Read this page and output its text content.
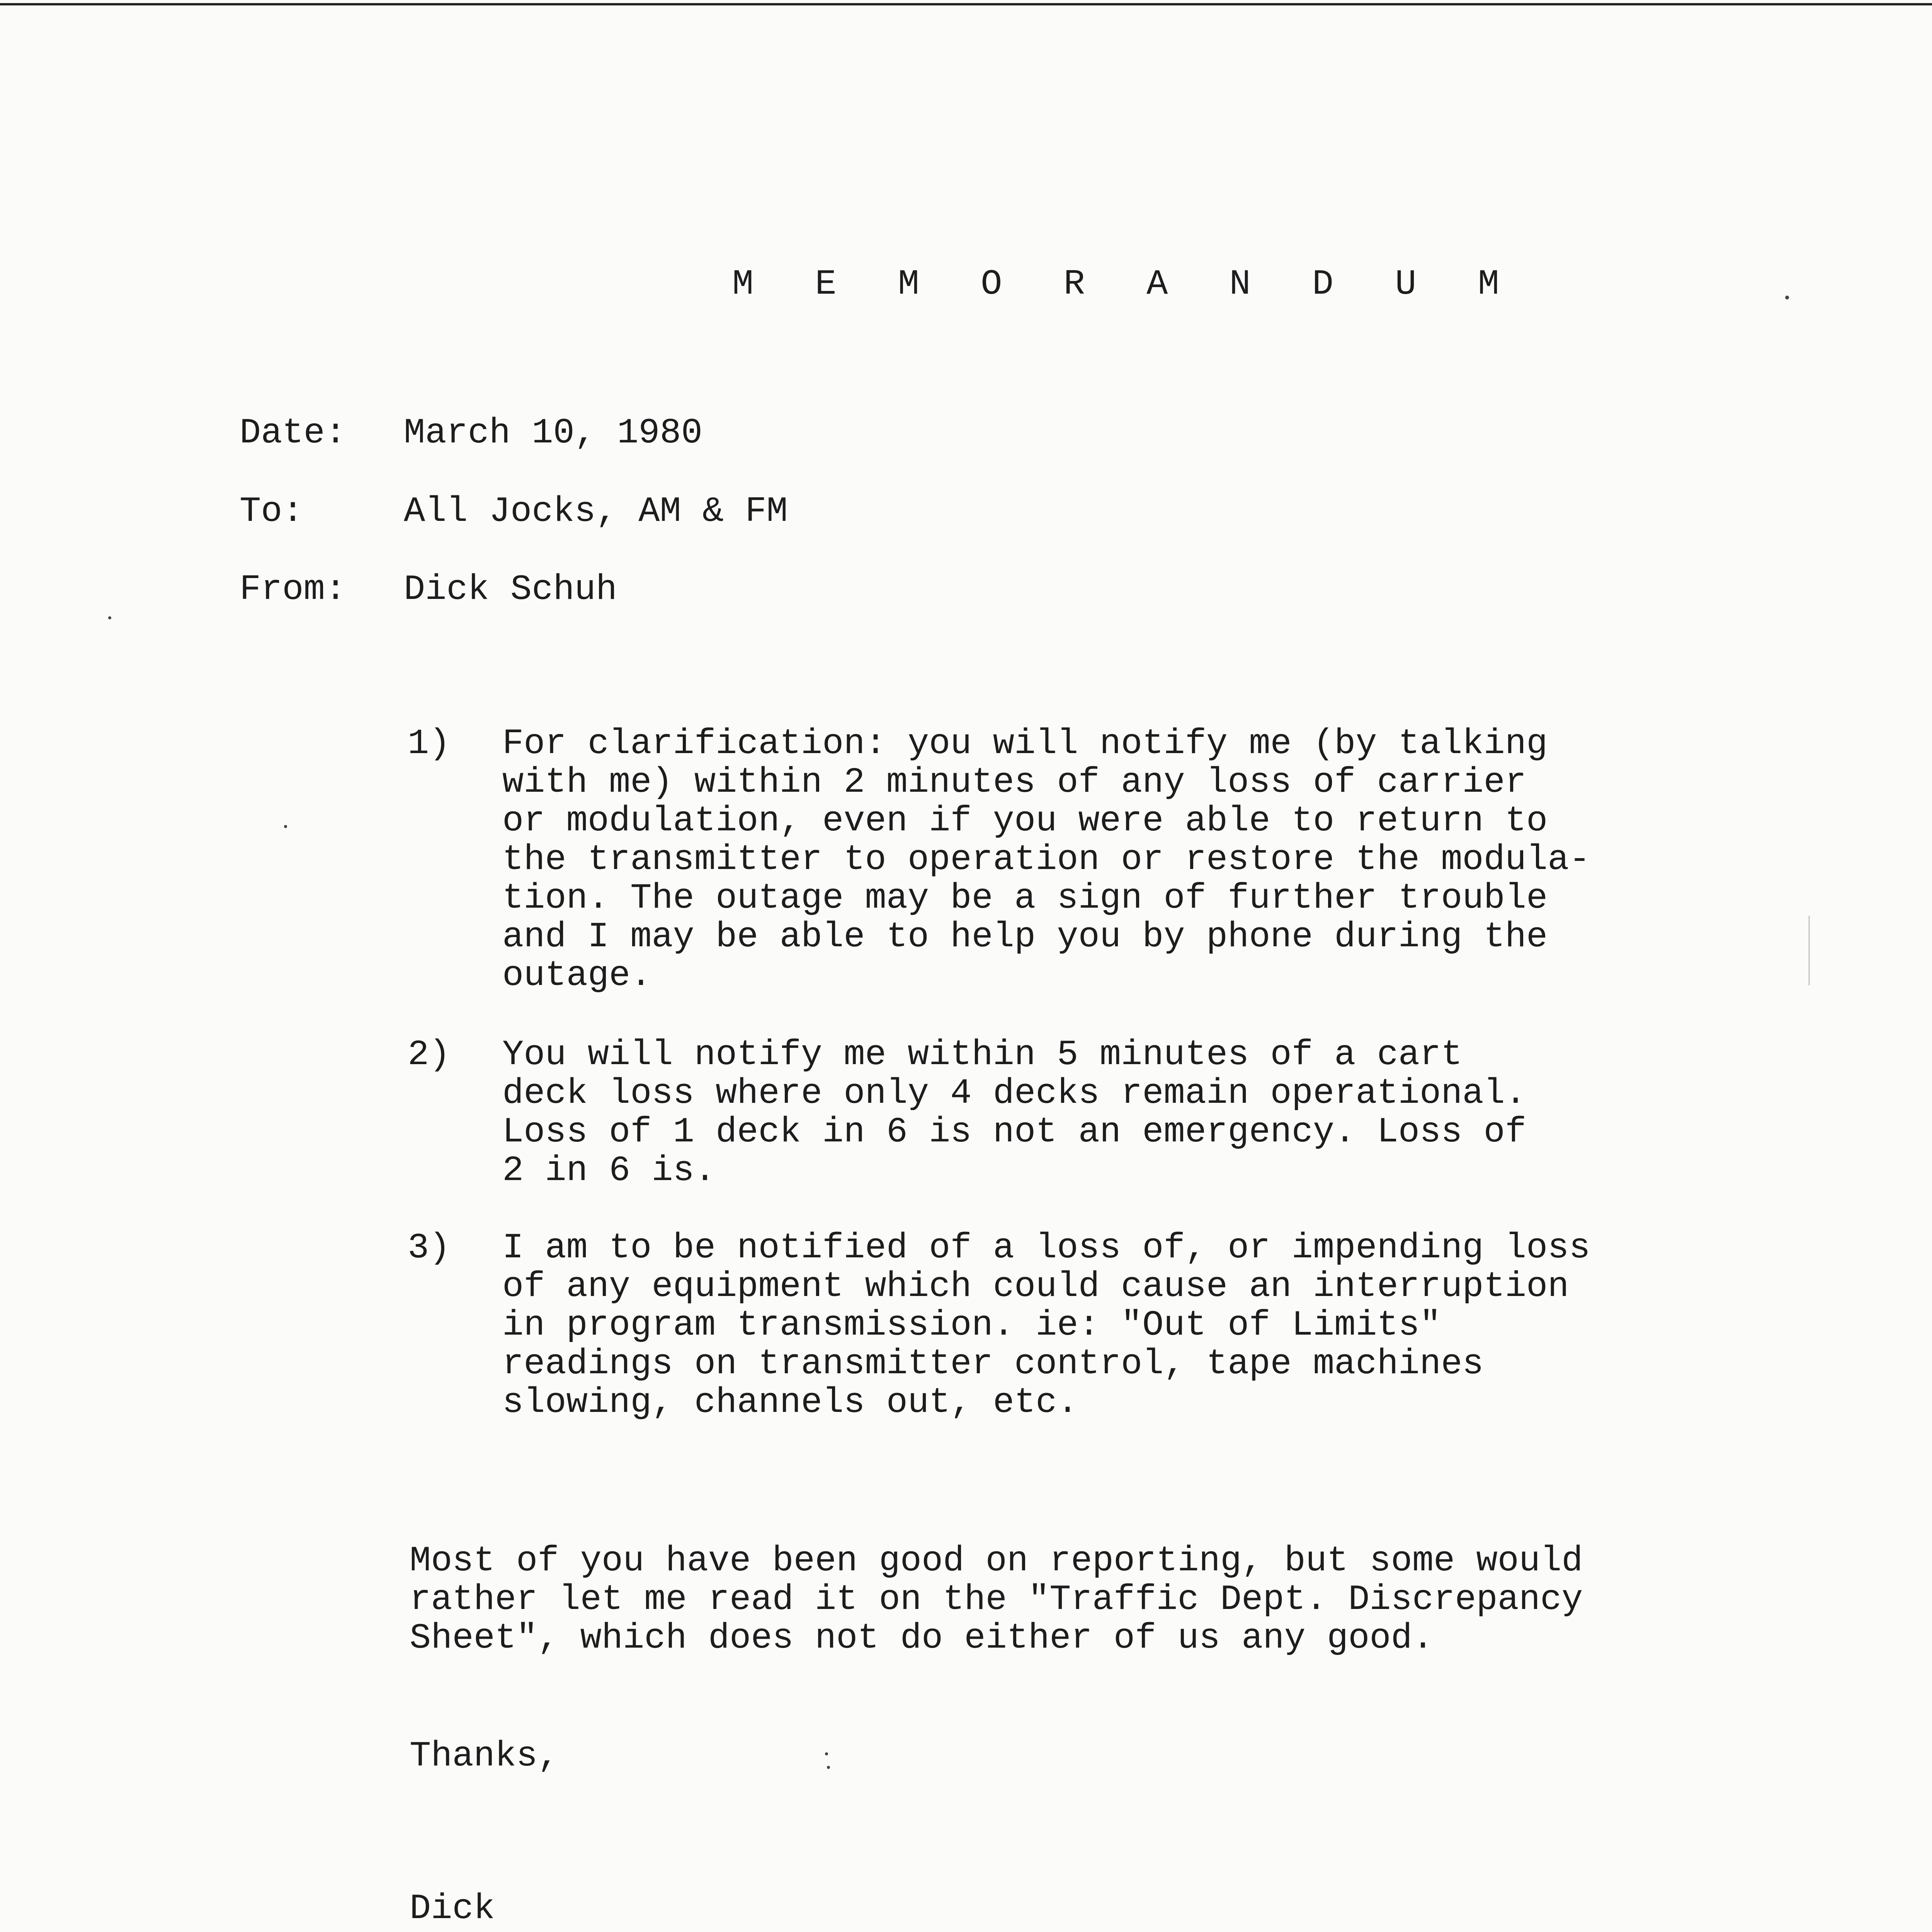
M E M O R A N D U M
Date: March 10, 1980
To:	All Jocks, AM & FM
From: Dick Schuh
1)	For clarification: you will notify me (by talking
with me) within 2 minutes of any loss of carrier
or modulation, even if you were able to return to
the transmitter to operation or restore the modula-
tion. The outage may be a sign of further trouble
and I may be able to help you by phone during the
outage.
2)	You will notify me within 5 minutes of a cart
deck loss where only 4 decks remain operational.
Loss of 1 deck in 6 is not an emergency. Loss of
2 in 6 is.
3)	I am to be notified of a loss of, or impending loss
of any equipment which could cause an interruption
in program transmission. ie: "Out of Limits"
readings on transmitter control, tape machines
slowing, channels out, etc.
Most of you have been good on reporting, but some would
rather let me read it on the "Traffic Dept. Discrepancy
Sheet", which does not do either of us any good.
Thanks,
Dick
